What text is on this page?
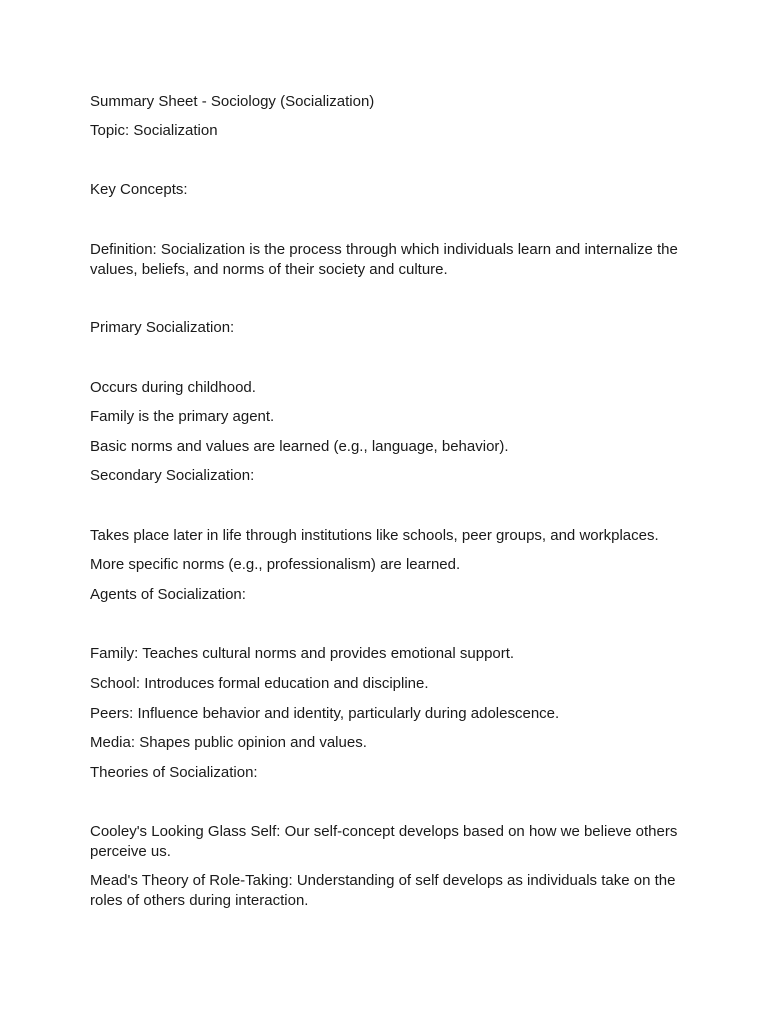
Summary Sheet - Sociology (Socialization)
Topic: Socialization
Key Concepts:
Definition: Socialization is the process through which individuals learn and internalize the values, beliefs, and norms of their society and culture.
Primary Socialization:
Occurs during childhood.
Family is the primary agent.
Basic norms and values are learned (e.g., language, behavior).
Secondary Socialization:
Takes place later in life through institutions like schools, peer groups, and workplaces.
More specific norms (e.g., professionalism) are learned.
Agents of Socialization:
Family: Teaches cultural norms and provides emotional support.
School: Introduces formal education and discipline.
Peers: Influence behavior and identity, particularly during adolescence.
Media: Shapes public opinion and values.
Theories of Socialization:
Cooley's Looking Glass Self: Our self-concept develops based on how we believe others perceive us.
Mead's Theory of Role-Taking: Understanding of self develops as individuals take on the roles of others during interaction.
